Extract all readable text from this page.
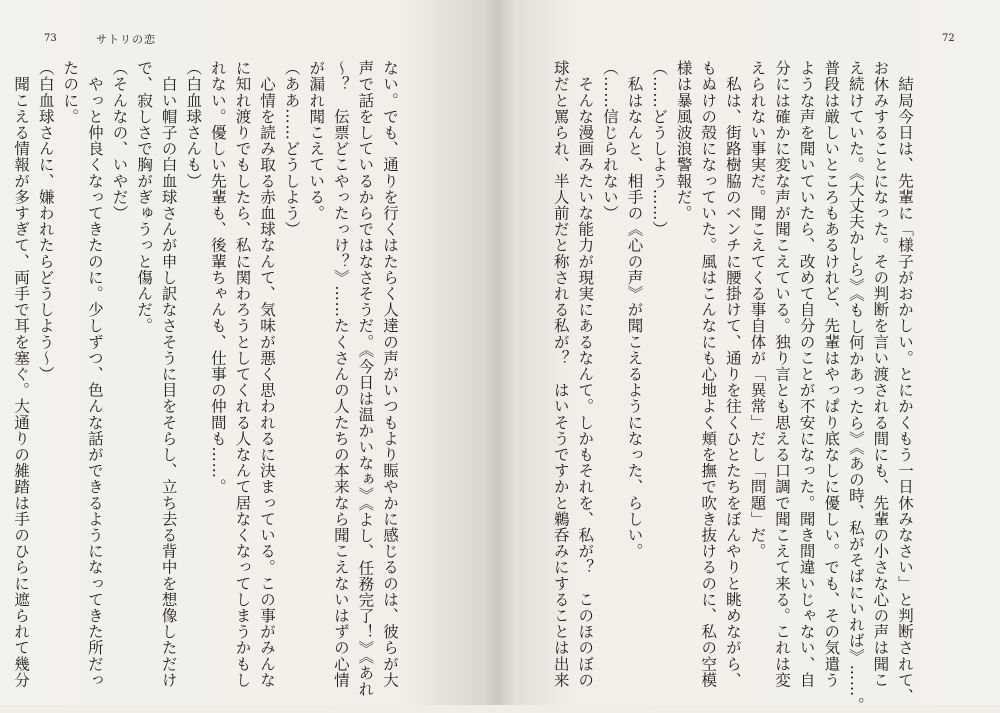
73	サトリの恋	72
　結局今日は、先輩に「様子がおかしい。とにかくもう一日休みなさい」と判断されて、
お休みすることになった。その判断を言い渡される間にも、先輩の小さな心の声は聞こ
え続けていた。《大丈夫かしら》《もし何かあったら》《あの時、私がそばにいれば》……。
普段は厳しいところもあるけれど、先輩はやっぱり底なしに優しい。でも、その気遣う
ような声を聞いていたら、改めて自分のことが不安になった。聞き間違いじゃない、自
分には確かに変な声が聞こえている。独り言とも思える口調で聞こえて来る。これは変
えられない事実だ。聞こえてくる事自体が「異常」だし「問題」だ。
　私は、街路樹脇のベンチに腰掛けて、通りを往くひとたちをぼんやりと眺めながら、
もぬけの殻になっていた。風はこんなにも心地よく頬を撫で吹き抜けるのに、私の空模
様は暴風波浪警報だ。
（……どうしよう……）
　私はなんと、相手の《心の声》が聞こえるようになった、らしい。
（……信じられない）
　そんな漫画みたいな能力が現実にあるなんて。しかもそれを、私が？　このほのぼの
球だと罵られ、半人前だと称される私が？　はいそうですかと鵜呑みにすることは出来
ない。でも、通りを行くはたらく人達の声がいつもより賑やかに感じるのは、彼らが大
声で話をしているからではなさそうだ。《今日は温かいなぁ》《よし、任務完了！》《あれ
～？　伝票どこやったっけ？》……たくさんの人たちの本来なら聞こえないはずの心情
が漏れ聞こえている。
（ああ……どうしよう）
　心情を読み取る赤血球なんて、気味が悪く思われるに決まっている。この事がみんな
に知れ渡りでもしたら、私に関わろうとしてくれる人なんて居なくなってしまうかもし
れない。優しい先輩も、後輩ちゃんも、仕事の仲間も……。
（白血球さんも）
　白い帽子の白血球さんが申し訳なさそうに目をそらし、立ち去る背中を想像しただけ
で、寂しさで胸がぎゅうっと傷んだ。
（そんなの、いやだ）
　やっと仲良くなってきたのに。少しずつ、色んな話ができるようになってきた所だっ
たのに。
（白血球さんに、嫌われたらどうしよう～）
　聞こえる情報が多すぎて、両手で耳を塞ぐ。大通りの雑踏は手のひらに遮られて幾分
